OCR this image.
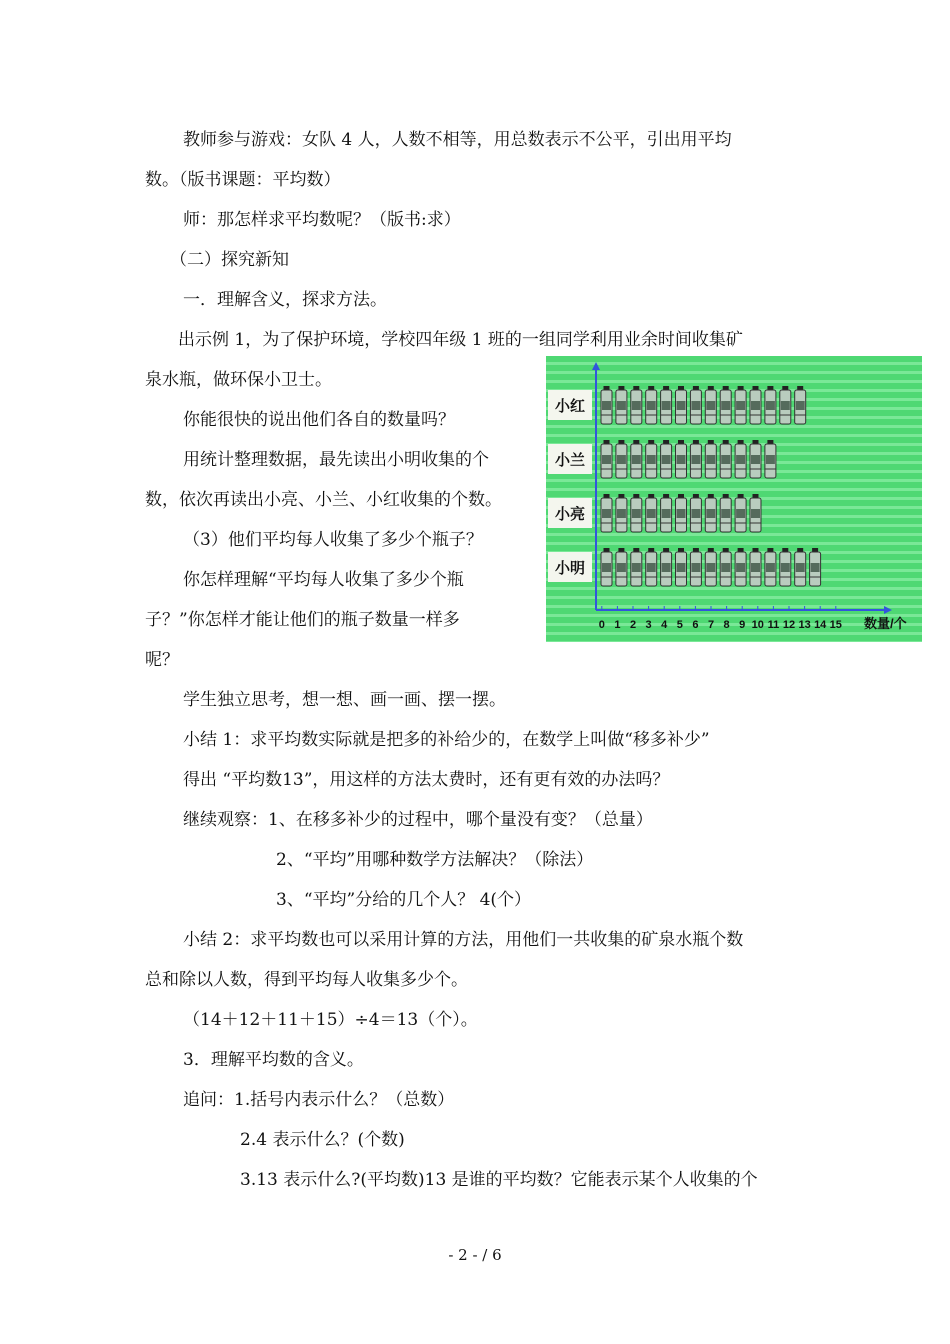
教师参与游戏：女队 4 人，人数不相等，用总数表示不公平，引出用平均
数。（版书课题：平均数）
师：那怎样求平均数呢？（版书:求）
（二）探究新知
一．理解含义，探求方法。
出示例 1，为了保护环境，学校四年级 1 班的一组同学利用业余时间收集矿
泉水瓶，做环保小卫士。
你能很快的说出他们各自的数量吗？
用统计整理数据，最先读出小明收集的个
数，依次再读出小亮、小兰、小红收集的个数。
（3）他们平均每人收集了多少个瓶子？
你怎样理解“平均每人收集了多少个瓶
子？”你怎样才能让他们的瓶子数量一样多
呢？
学生独立思考，想一想、画一画、摆一摆。
小结 1：求平均数实际就是把多的补给少的，在数学上叫做“移多补少”
得出 “平均数13”，用这样的方法太费时，还有更有效的办法吗？
继续观察：1、在移多补少的过程中，哪个量没有变？（总量）
2、“平均”用哪种数学方法解决？（除法）
3、“平均”分给的几个人？ 4(个）
小结 2：求平均数也可以采用计算的方法，用他们一共收集的矿泉水瓶个数
总和除以人数，得到平均每人收集多少个。
（14＋12＋11＋15）÷4＝13（个）。
3．理解平均数的含义。
追问：1.括号内表示什么？（总数）
2.4 表示什么？(个数)
3.13 表示什么?(平均数)13 是谁的平均数？它能表示某个人收集的个
小红
小兰
小亮
小明
0 1 2 3 4 5 6 7 8 9 10 11 12 13 14 15 数量/个
- 2 - / 6
